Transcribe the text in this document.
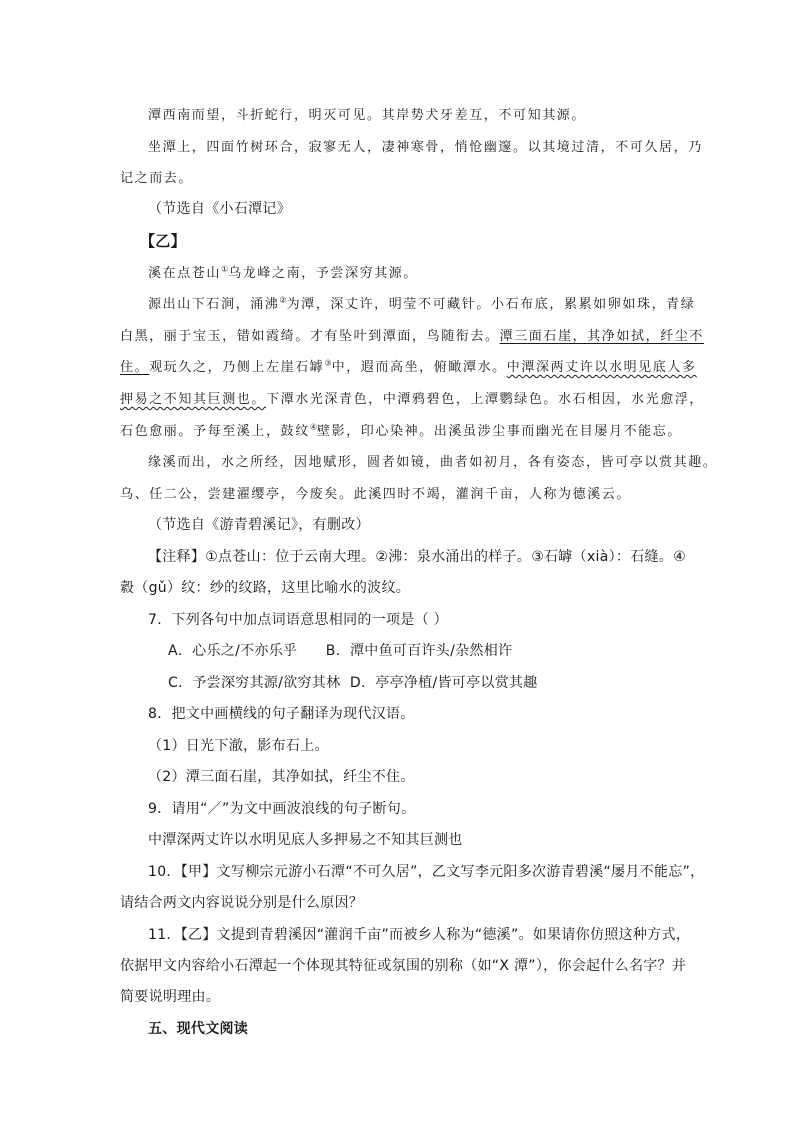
潭西南而望，斗折蛇行，明灭可见。其岸势犬牙差互，不可知其源。
坐潭上，四面竹树环合，寂寥无人，凄神寒骨，悄怆幽邃。以其境过清，不可久居，乃
记之而去。
（节选自《小石潭记》
【乙】
溪在点苍山①乌龙峰之南，予尝深穷其源。
源出山下石涧，涌沸②为潭，深丈许，明莹不可藏针。小石布底，累累如卵如珠，青绿
白黑，丽于宝玉，错如霞绮。才有坠叶到潭面，鸟随衔去。潭三面石崖，其净如拭，纤尘不
住。观玩久之，乃侧上左崖石罅③中，遐而高坐，俯瞰潭水。中潭深两丈许以水明见底人多
押易之不知其巨测也。下潭水光深青色，中潭鸦碧色，上潭鹦绿色。水石相因，水光愈浮，
石色愈丽。予每至溪上，鼓纹④壁影，印心染神。出溪虽涉尘事而幽光在目屡月不能忘。
缘溪而出，水之所经，因地赋形，圆者如镜，曲者如初月，各有姿态，皆可亭以赏其趣。
乌、任二公，尝建濯缨亭，今废矣。此溪四时不竭，灌润千亩，人称为德溪云。
（节选自《游青碧溪记》，有删改）
【注释】①点苍山：位于云南大理。②沸：泉水涌出的样子。③石罅（xià）：石缝。④
縠（gǔ）纹：纱的纹路，这里比喻水的波纹。
7．下列各句中加点词语意思相同的一项是（ ）
A．心乐之/不亦乐乎      B．潭中鱼可百许头/杂然相许
C．予尝深穷其源/欲穷其林  D．亭亭净植/皆可亭以赏其趣
8．把文中画横线的句子翻译为现代汉语。
（1）日光下澈，影布石上。
（2）潭三面石崖，其净如拭，纤尘不住。
9．请用“／”为文中画波浪线的句子断句。
中潭深两丈许以水明见底人多押易之不知其巨测也
10．【甲】文写柳宗元游小石潭“不可久居”，乙文写李元阳多次游青碧溪“屡月不能忘”，
请结合两文内容说说分别是什么原因？
11．【乙】文提到青碧溪因“灌润千亩”而被乡人称为“德溪”。如果请你仿照这种方式，
依据甲文内容给小石潭起一个体现其特征或氛围的别称（如“X 潭”），你会起什么名字？并
简要说明理由。
五、现代文阅读
